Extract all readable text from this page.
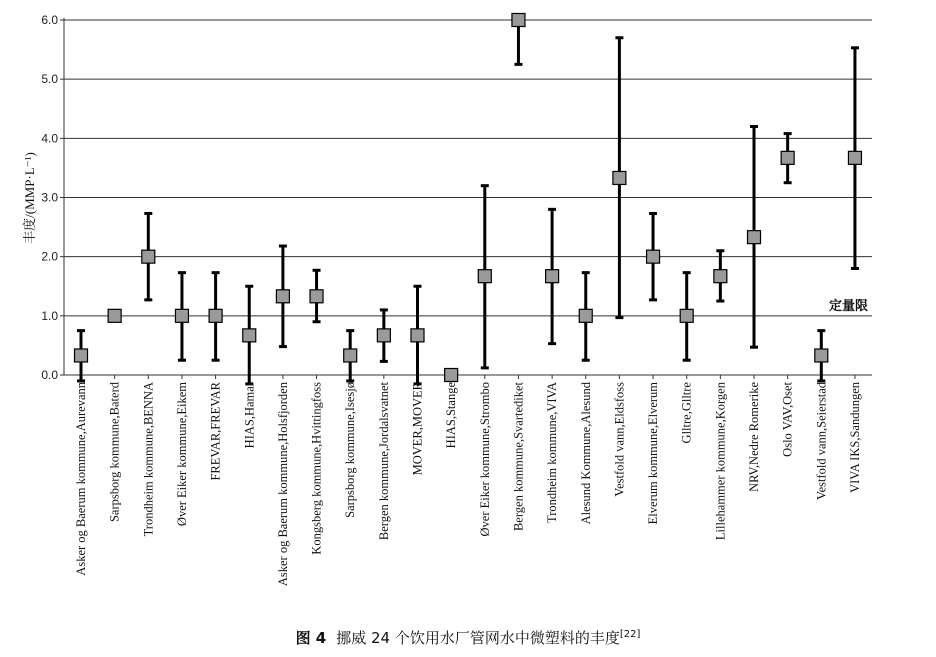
0.0
1.0
2.0
3.0
4.0
5.0
6.0
Asker og Baerum kommune,Aurevann Sarpsborg kommune,Baterd Trondheim kommune,BENNA Øver Eiker kommune,Eikem FREVAR,FREVAR HIAS,Hamar Asker og Baerum kommune,Holsfjorden Kongsberg kommune,Hvittingfoss Sarpsborg kommune,Isesjø Bergen kommune,Jordalsvatnet MOVER,MOVER HIAS,Stange Øver Eiker kommune,Strombo Bergen kommune,Svartediket Trondheim kommune,VIVA Alesund Kommune,Alesund Vestfold vann,Eldsfoss Elverum kommune,Elverum Glltre,Glltre Lillehammer kommune,Korgen NRV,Nedre Romerike Oslo VAV,Oset Vestfold vann,Seierstad VIVA IKS,Sandungen
丰度/(MMP·L⁻¹)
定量限
图 4 挪威 24 个饮用水厂管网水中微塑料的丰度[22]
